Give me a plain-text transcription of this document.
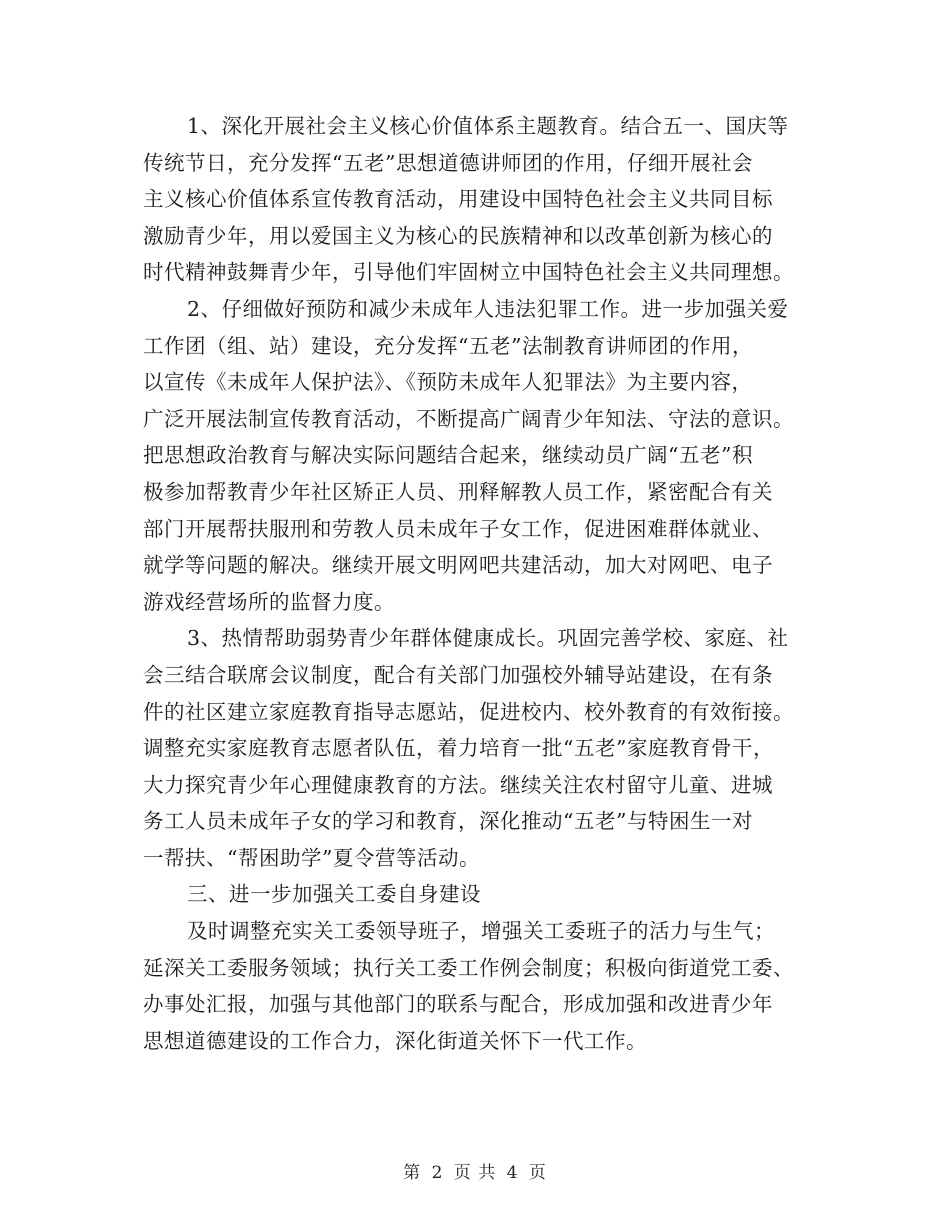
1、深化开展社会主义核心价值体系主题教育。结合五一、国庆等
传统节日，充分发挥“五老”思想道德讲师团的作用，仔细开展社会
主义核心价值体系宣传教育活动，用建设中国特色社会主义共同目标
激励青少年，用以爱国主义为核心的民族精神和以改革创新为核心的
时代精神鼓舞青少年，引导他们牢固树立中国特色社会主义共同理想。
2、仔细做好预防和减少未成年人违法犯罪工作。进一步加强关爱
工作团（组、站）建设，充分发挥“五老”法制教育讲师团的作用，
以宣传《未成年人保护法》、《预防未成年人犯罪法》为主要内容，
广泛开展法制宣传教育活动，不断提高广阔青少年知法、守法的意识。
把思想政治教育与解决实际问题结合起来，继续动员广阔“五老”积
极参加帮教青少年社区矫正人员、刑释解教人员工作，紧密配合有关
部门开展帮扶服刑和劳教人员未成年子女工作，促进困难群体就业、
就学等问题的解决。继续开展文明网吧共建活动，加大对网吧、电子
游戏经营场所的监督力度。
3、热情帮助弱势青少年群体健康成长。巩固完善学校、家庭、社
会三结合联席会议制度，配合有关部门加强校外辅导站建设，在有条
件的社区建立家庭教育指导志愿站，促进校内、校外教育的有效衔接。
调整充实家庭教育志愿者队伍，着力培育一批“五老”家庭教育骨干，
大力探究青少年心理健康教育的方法。继续关注农村留守儿童、进城
务工人员未成年子女的学习和教育，深化推动“五老”与特困生一对
一帮扶、“帮困助学”夏令营等活动。
三、进一步加强关工委自身建设
及时调整充实关工委领导班子，增强关工委班子的活力与生气；
延深关工委服务领域；执行关工委工作例会制度；积极向街道党工委、
办事处汇报，加强与其他部门的联系与配合，形成加强和改进青少年
思想道德建设的工作合力，深化街道关怀下一代工作。
第 2 页 共 4 页
